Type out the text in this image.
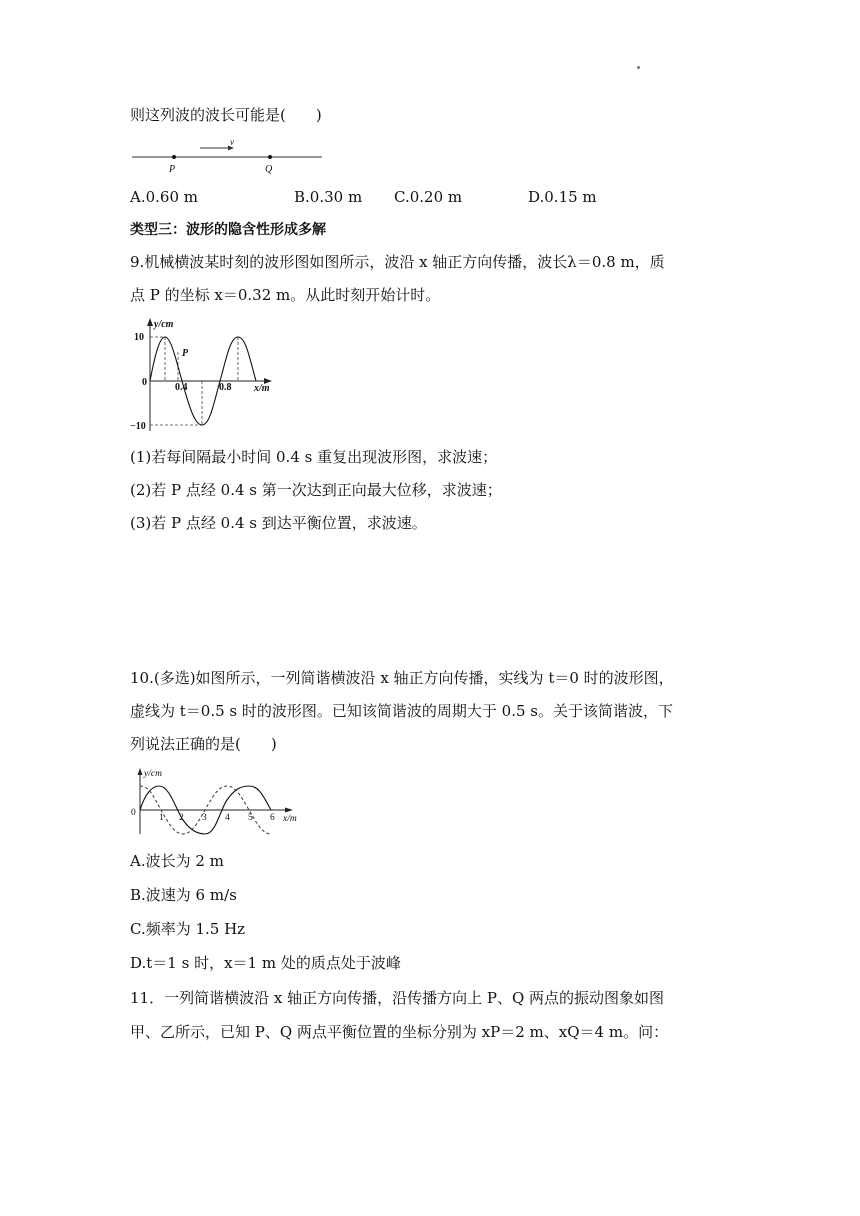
则这列波的波长可能是(　　)
v
P	Q
A.0.60 m	B.0.30 m C.0.20 m	D.0.15 m
类型三：波形的隐含性形成多解
9.机械横波某时刻的波形图如图所示，波沿 x 轴正方向传播，波长λ＝0.8 m，质
点 P 的坐标 x＝0.32 m。从此时刻开始计时。
y/cm
x/m
0
10
−10
0.4	0.8
P
(1)若每间隔最小时间 0.4 s 重复出现波形图，求波速；
(2)若 P 点经 0.4 s 第一次达到正向最大位移，求波速；
(3)若 P 点经 0.4 s 到达平衡位置，求波速。
10.(多选)如图所示，一列简谐横波沿 x 轴正方向传播，实线为 t＝0 时的波形图，
虚线为 t＝0.5 s 时的波形图。已知该简谐波的周期大于 0.5 s。关于该简谐波，下
列说法正确的是(　　)
y/cm
x/m
0 1 2 3 4 5 6
A.波长为 2 m
B.波速为 6 m/s
C.频率为 1.5 Hz
D.t＝1 s 时，x＝1 m 处的质点处于波峰
11．一列简谐横波沿 x 轴正方向传播，沿传播方向上 P、Q 两点的振动图象如图
甲、乙所示，已知 P、Q 两点平衡位置的坐标分别为 xP＝2 m、xQ＝4 m。问：
